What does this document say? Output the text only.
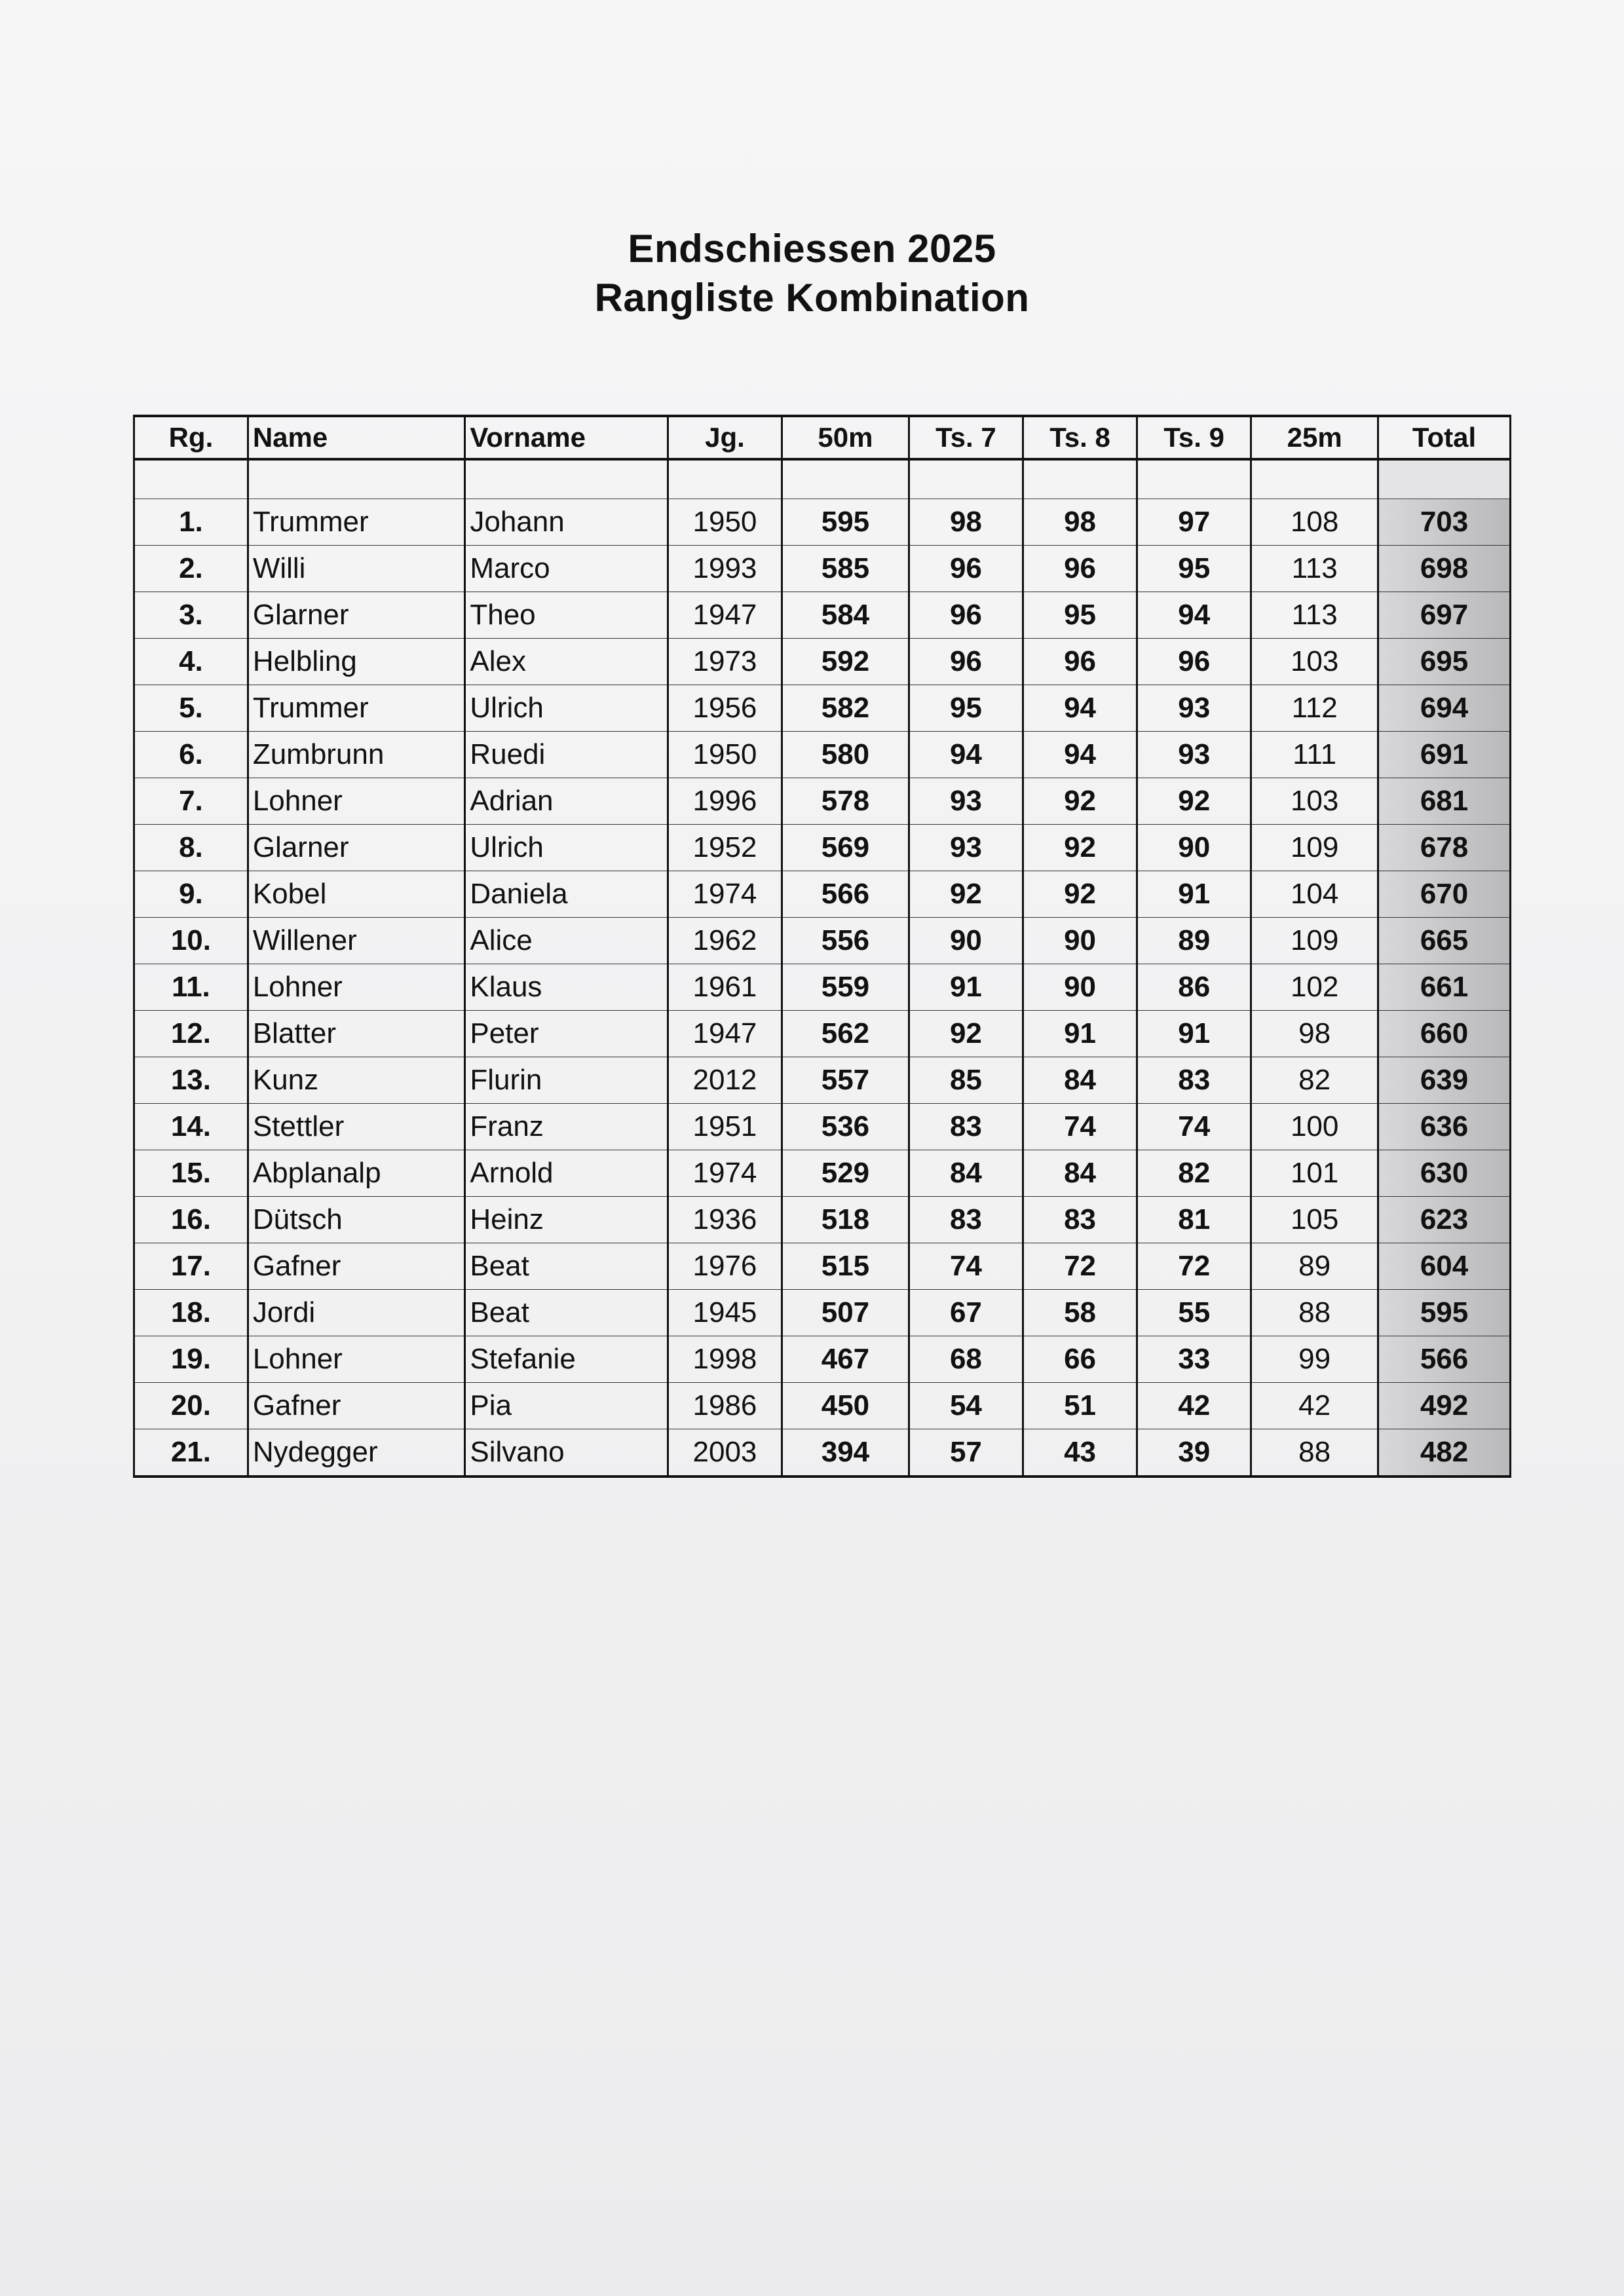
Endschiessen 2025
Rangliste Kombination
Rg.	Name	Vorname	Jg.	50m	Ts. 7	Ts. 8	Ts. 9	25m	Total

1.	Trummer	Johann	1950	595	98	98	97	108	703
2.	Willi	Marco	1993	585	96	96	95	113	698
3.	Glarner	Theo	1947	584	96	95	94	113	697
4.	Helbling	Alex	1973	592	96	96	96	103	695
5.	Trummer	Ulrich	1956	582	95	94	93	112	694
6.	Zumbrunn	Ruedi	1950	580	94	94	93	111	691
7.	Lohner	Adrian	1996	578	93	92	92	103	681
8.	Glarner	Ulrich	1952	569	93	92	90	109	678
9.	Kobel	Daniela	1974	566	92	92	91	104	670
10.	Willener	Alice	1962	556	90	90	89	109	665
11.	Lohner	Klaus	1961	559	91	90	86	102	661
12.	Blatter	Peter	1947	562	92	91	91	98	660
13.	Kunz	Flurin	2012	557	85	84	83	82	639
14.	Stettler	Franz	1951	536	83	74	74	100	636
15.	Abplanalp	Arnold	1974	529	84	84	82	101	630
16.	Dütsch	Heinz	1936	518	83	83	81	105	623
17.	Gafner	Beat	1976	515	74	72	72	89	604
18.	Jordi	Beat	1945	507	67	58	55	88	595
19.	Lohner	Stefanie	1998	467	68	66	33	99	566
20.	Gafner	Pia	1986	450	54	51	42	42	492
21.	Nydegger	Silvano	2003	394	57	43	39	88	482
